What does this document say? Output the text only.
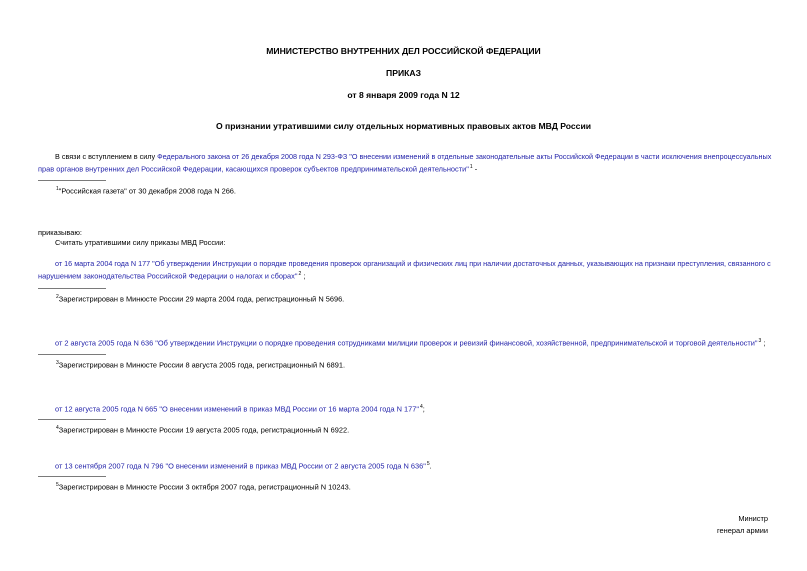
МИНИСТЕРСТВО ВНУТРЕННИХ ДЕЛ РОССИЙСКОЙ ФЕДЕРАЦИИ
ПРИКАЗ
от 8 января 2009 года N 12
О признании утратившими силу отдельных нормативных правовых актов МВД России
В связи с вступлением в силу Федерального закона от 26 декабря 2008 года N 293-ФЗ "О внесении изменений в отдельные законодательные акты Российской Федерации в части исключения внепроцессуальных
прав органов внутренних дел Российской Федерации, касающихся проверок субъектов предпринимательской деятельности"$^1$ -
$^1$"Российская газета" от 30 декабря 2008 года N 266.
приказываю:
Считать утратившими силу приказы МВД России:
от 16 марта 2004 года N 177 "Об утверждении Инструкции о порядке проведения проверок организаций и физических лиц при наличии достаточных данных, указывающих на признаки преступления, связанного с
нарушением законодательства Российской Федерации о налогах и сборах"$^2$ ;
$^2$Зарегистрирован в Минюсте России 29 марта 2004 года, регистрационный N 5696.
от 2 августа 2005 года N 636 "Об утверждении Инструкции о порядке проведения сотрудниками милиции проверок и ревизий финансовой, хозяйственной, предпринимательской и торговой деятельности"$^3$ ;
$^3$Зарегистрирован в Минюсте России 8 августа 2005 года, регистрационный N 6891.
от 12 августа 2005 года N 665 "О внесении изменений в приказ МВД России от 16 марта 2004 года N 177"$^4$;
$^4$Зарегистрирован в Минюсте России 19 августа 2005 года, регистрационный N 6922.
от 13 сентября 2007 года N 796 "О внесении изменений в приказ МВД России от 2 августа 2005 года N 636"$^5$.
$^5$Зарегистрирован в Минюсте России 3 октября 2007 года, регистрационный N 10243.
Министр
генерал армии
